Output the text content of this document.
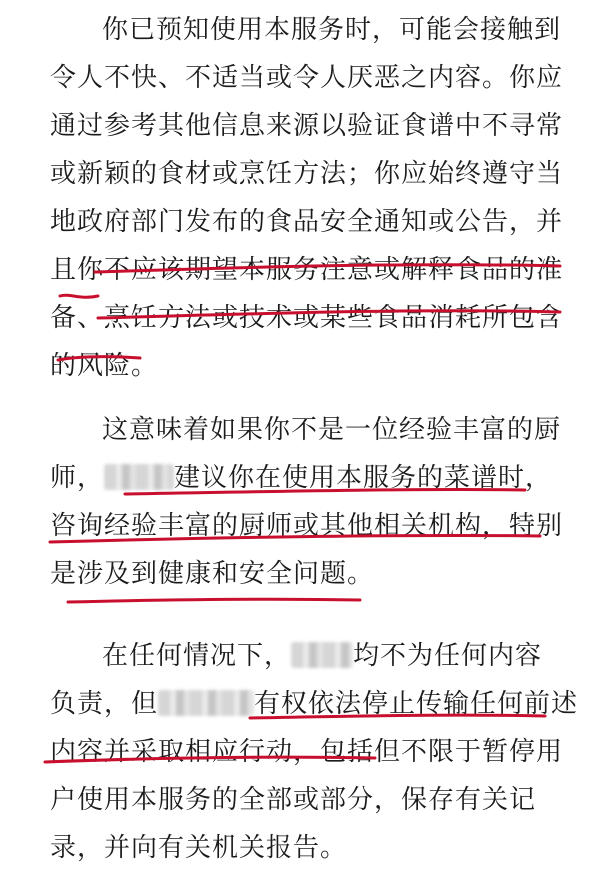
你已预知使用本服务时，可能会接触到
令人不快、不适当或令人厌恶之内容。你应
通过参考其他信息来源以验证食谱中不寻常
或新颖的食材或烹饪方法；你应始终遵守当
地政府部门发布的食品安全通知或公告，并
且你不应该期望本服务注意或解释食品的准
备、烹饪方法或技术或某些食品消耗所包含
的风险。
这意味着如果你不是一位经验丰富的厨
师，	建议你在使用本服务的菜谱时，
咨询经验丰富的厨师或其他相关机构，特别
是涉及到健康和安全问题。
在任何情况下， 均不为任何内容
负责，但	有权依法停止传输任何前述
内容并采取相应行动，包括但不限于暂停用
户使用本服务的全部或部分，保存有关记
录，并向有关机关报告。
